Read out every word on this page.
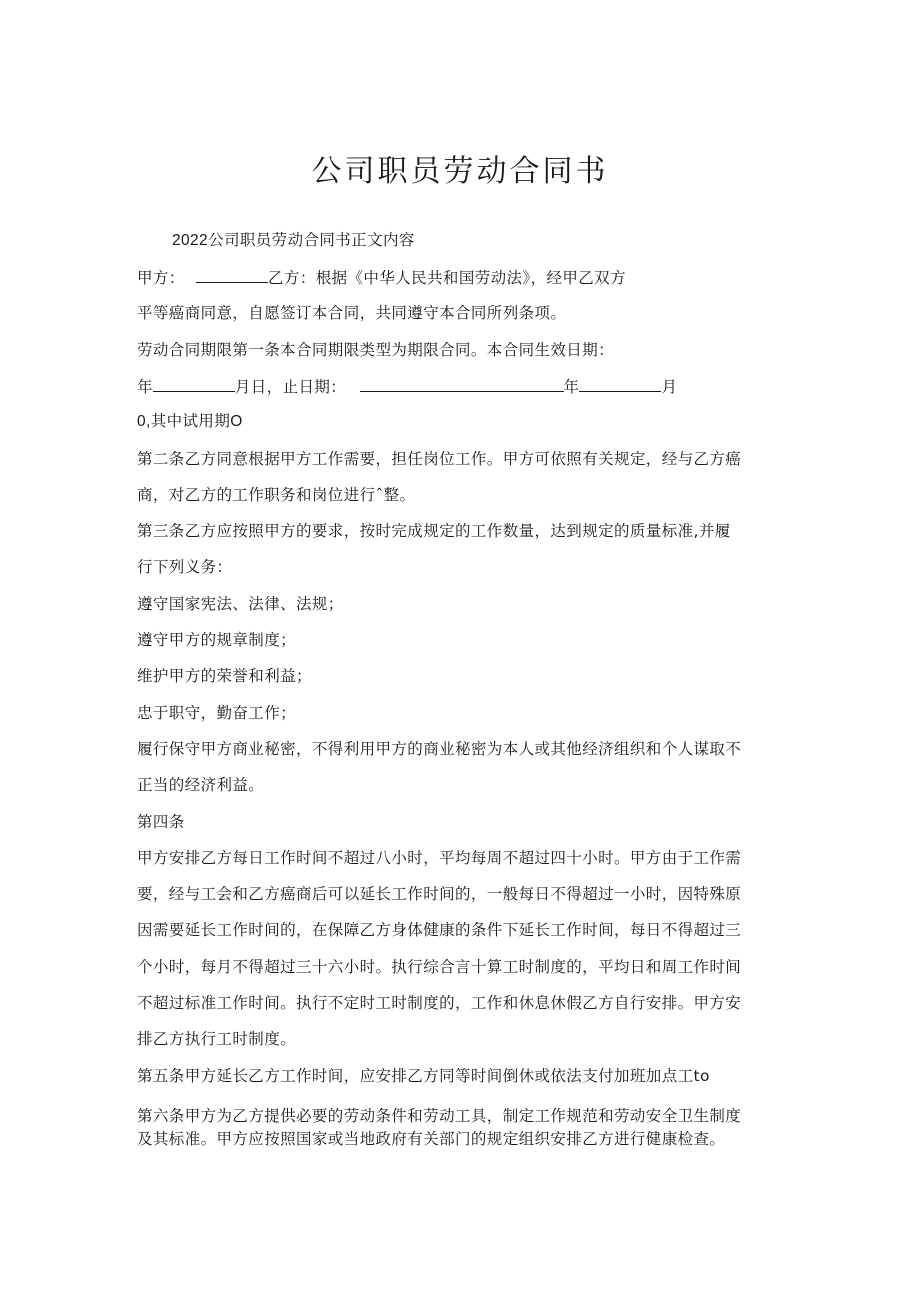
公司职员劳动合同书

2022公司职员劳动合同书正文内容

甲方：	乙方：根据《中华人民共和国劳动法》，经甲乙双方

平等癌商同意，自愿签订本合同，共同遵守本合同所列条项。

劳动合同期限第一条本合同期限类型为期限合同。本合同生效日期：

年	月日，止日期：	年	月

0,其中试用期O

第二条乙方同意根据甲方工作需要，担任岗位工作。甲方可依照有关规定，经与乙方癌

商，对乙方的工作职务和岗位进行ˆ整。

第三条乙方应按照甲方的要求，按时完成规定的工作数量，达到规定的质量标准,并履

行下列义务：

遵守国家宪法、法律、法规；

遵守甲方的规章制度；

维护甲方的荣誉和利益；

忠于职守，勤奋工作；

履行保守甲方商业秘密，不得利用甲方的商业秘密为本人或其他经济组织和个人谋取不

正当的经济利益。

第四条

甲方安排乙方每日工作时间不超过八小时，平均每周不超过四十小时。甲方由于工作需

要，经与工会和乙方癌商后可以延长工作时间的，一般每日不得超过一小时，因特殊原

因需要延长工作时间的，在保障乙方身体健康的条件下延长工作时间，每日不得超过三

个小时，每月不得超过三十六小时。执行综合言十算工时制度的，平均日和周工作时间

不超过标准工作时间。执行不定时工时制度的，工作和休息休假乙方自行安排。甲方安

排乙方执行工时制度。

第五条甲方延长乙方工作时间，应安排乙方同等时间倒休或依法支付加班加点工to

第六条甲方为乙方提供必要的劳动条件和劳动工具，制定工作规范和劳动安全卫生制度

及其标准。甲方应按照国家或当地政府有关部门的规定组织安排乙方进行健康检查。
